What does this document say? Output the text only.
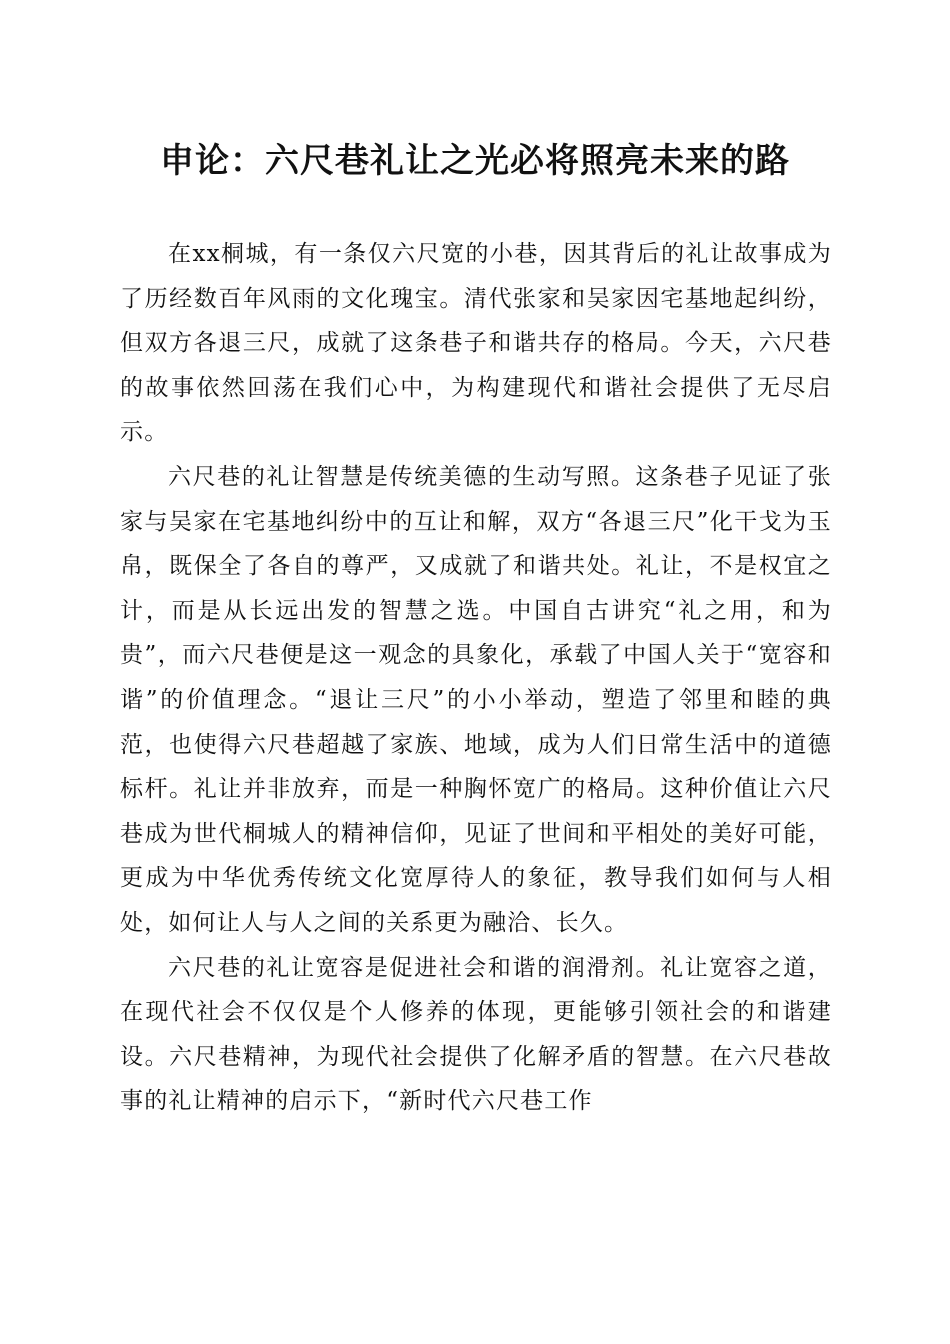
申论：六尺巷礼让之光必将照亮未来的路

在xx桐城，有一条仅六尺宽的小巷，因其背后的礼让故事成为了历经数百年风雨的文化瑰宝。清代张家和吴家因宅基地起纠纷，但双方各退三尺，成就了这条巷子和谐共存的格局。今天，六尺巷的故事依然回荡在我们心中，为构建现代和谐社会提供了无尽启示。

六尺巷的礼让智慧是传统美德的生动写照。这条巷子见证了张家与吴家在宅基地纠纷中的互让和解，双方“各退三尺”化干戈为玉帛，既保全了各自的尊严，又成就了和谐共处。礼让，不是权宜之计，而是从长远出发的智慧之选。中国自古讲究“礼之用，和为贵”，而六尺巷便是这一观念的具象化，承载了中国人关于“宽容和谐”的价值理念。“退让三尺”的小小举动，塑造了邻里和睦的典范，也使得六尺巷超越了家族、地域，成为人们日常生活中的道德标杆。礼让并非放弃，而是一种胸怀宽广的格局。这种价值让六尺巷成为世代桐城人的精神信仰，见证了世间和平相处的美好可能，更成为中华优秀传统文化宽厚待人的象征，教导我们如何与人相处，如何让人与人之间的关系更为融洽、长久。

六尺巷的礼让宽容是促进社会和谐的润滑剂。礼让宽容之道，在现代社会不仅仅是个人修养的体现，更能够引领社会的和谐建设。六尺巷精神，为现代社会提供了化解矛盾的智慧。在六尺巷故事的礼让精神的启示下，“新时代六尺巷工作
